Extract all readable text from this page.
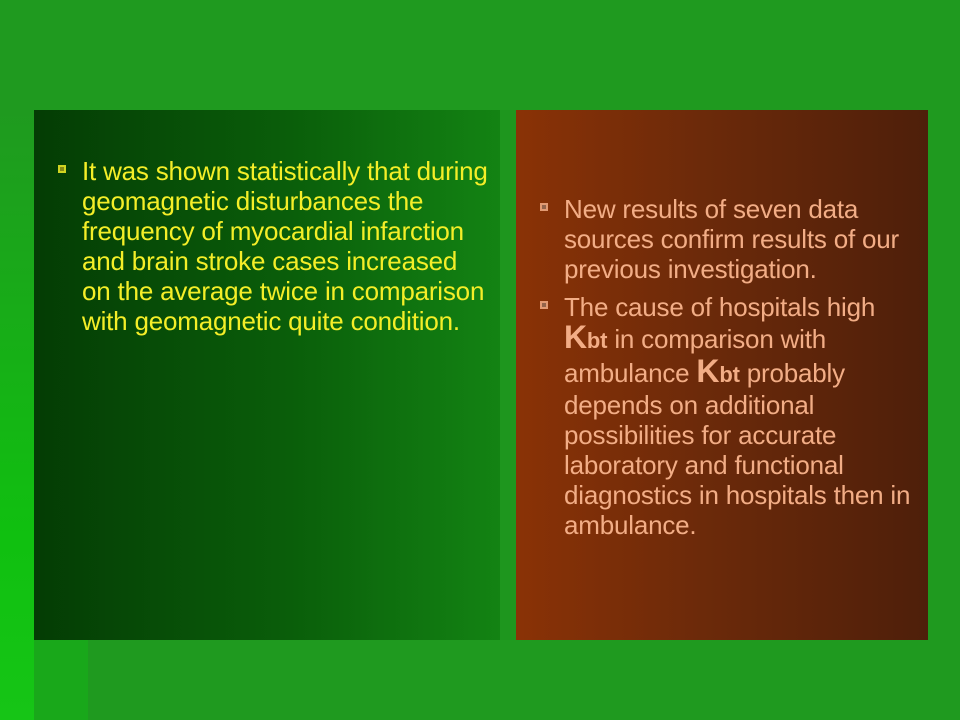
It was shown statistically that during geomagnetic disturbances the frequency of myocardial infarction and brain stroke cases increased on the average twice in comparison with geomagnetic quite condition.
New results of seven data sources confirm results of our previous investigation.
The cause of hospitals high Kbt in comparison with ambulance Kbt probably depends on additional possibilities for accurate laboratory and functional diagnostics in hospitals then in ambulance.
